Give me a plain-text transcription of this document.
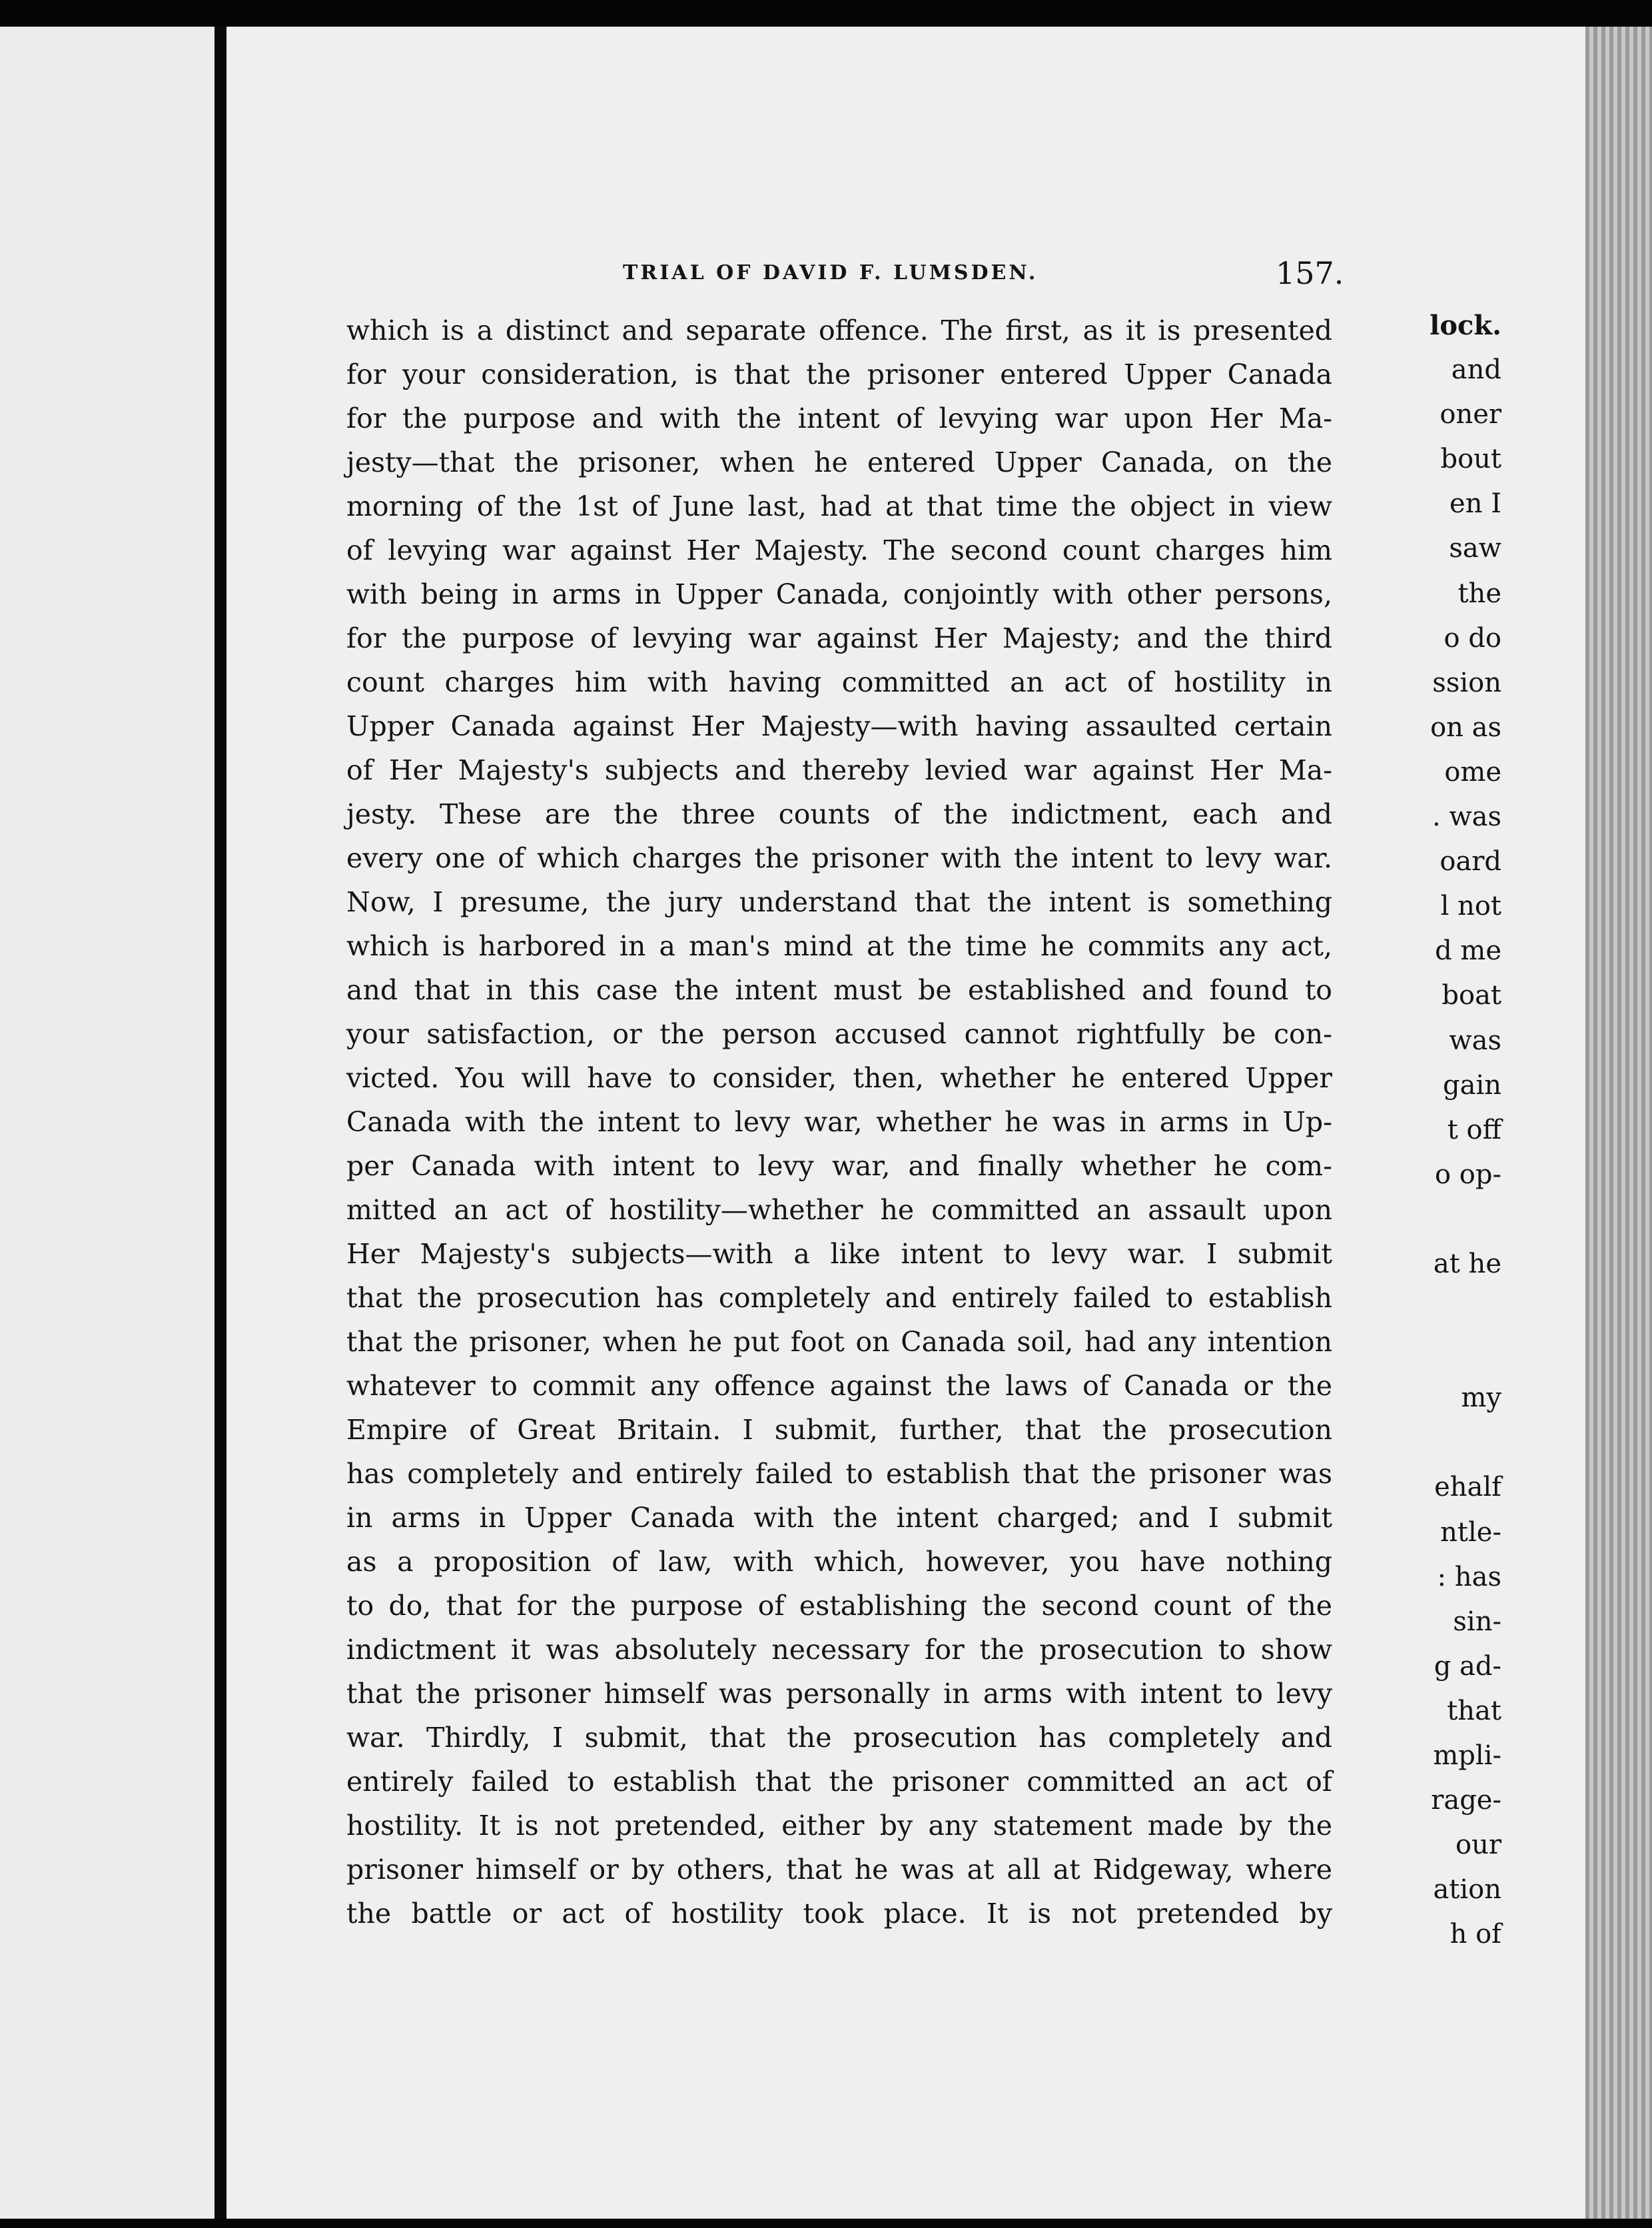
lock.
and
oner
bout
en I
saw
the
o do
ssion
on as
ome
. was
oard
l not
d me
boat
was
gain
t off
o op-
at he
my
ehalf
ntle-
: has
sin-
g ad-
that
mpli-
rage-
our
ation
h of
TRIAL OF DAVID F. LUMSDEN.	157.
which is a distinct and separate offence. The first, as it is presented
for your consideration, is that the prisoner entered Upper Canada
for the purpose and with the intent of levying war upon Her Ma-
jesty—that the prisoner, when he entered Upper Canada, on the
morning of the 1st of June last, had at that time the object in view
of levying war against Her Majesty. The second count charges him
with being in arms in Upper Canada, conjointly with other persons,
for the purpose of levying war against Her Majesty; and the third
count charges him with having committed an act of hostility in
Upper Canada against Her Majesty—with having assaulted certain
of Her Majesty's subjects and thereby levied war against Her Ma-
jesty. These are the three counts of the indictment, each and
every one of which charges the prisoner with the intent to levy war.
Now, I presume, the jury understand that the intent is something
which is harbored in a man's mind at the time he commits any act,
and that in this case the intent must be established and found to
your satisfaction, or the person accused cannot rightfully be con-
victed. You will have to consider, then, whether he entered Upper
Canada with the intent to levy war, whether he was in arms in Up-
per Canada with intent to levy war, and finally whether he com-
mitted an act of hostility—whether he committed an assault upon
Her Majesty's subjects—with a like intent to levy war. I submit
that the prosecution has completely and entirely failed to establish
that the prisoner, when he put foot on Canada soil, had any intention
whatever to commit any offence against the laws of Canada or the
Empire of Great Britain. I submit, further, that the prosecution
has completely and entirely failed to establish that the prisoner was
in arms in Upper Canada with the intent charged; and I submit
as a proposition of law, with which, however, you have nothing
to do, that for the purpose of establishing the second count of the
indictment it was absolutely necessary for the prosecution to show
that the prisoner himself was personally in arms with intent to levy
war. Thirdly, I submit, that the prosecution has completely and
entirely failed to establish that the prisoner committed an act of
hostility. It is not pretended, either by any statement made by the
prisoner himself or by others, that he was at all at Ridgeway, where
the battle or act of hostility took place. It is not pretended by
